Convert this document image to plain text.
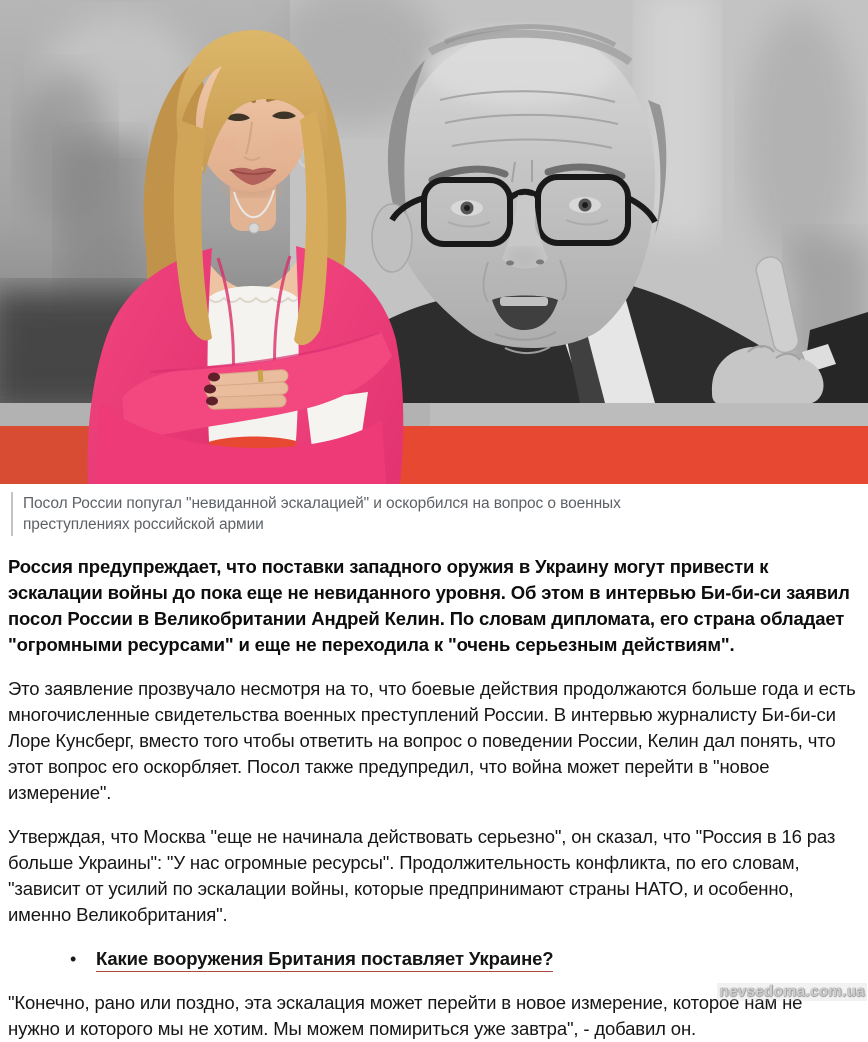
Посол России попугал "невиданной эскалацией" и оскорбился на вопрос о военных преступлениях российской армии

Россия предупреждает, что поставки западного оружия в Украину могут привести к эскалации войны до пока еще не невиданного уровня. Об этом в интервью Би-би-си заявил посол России в Великобритании Андрей Келин. По словам дипломата, его страна обладает "огромными ресурсами" и еще не переходила к "очень серьезным действиям".

Это заявление прозвучало несмотря на то, что боевые действия продолжаются больше года и есть многочисленные свидетельства военных преступлений России. В интервью журналисту Би-би-си Лоре Кунсберг, вместо того чтобы ответить на вопрос о поведении России, Келин дал понять, что этот вопрос его оскорбляет. Посол также предупредил, что война может перейти в "новое измерение".

Утверждая, что Москва "еще не начинала действовать серьезно", он сказал, что "Россия в 16 раз больше Украины": "У нас огромные ресурсы". Продолжительность конфликта, по его словам, "зависит от усилий по эскалации войны, которые предпринимают страны НАТО, и особенно, именно Великобритания".

• Какие вооружения Британия поставляет Украине?

"Конечно, рано или поздно, эта эскалация может перейти в новое измерение, которое нам не нужно и которого мы не хотим. Мы можем помириться уже завтра", - добавил он.

nevsedoma.com.ua
